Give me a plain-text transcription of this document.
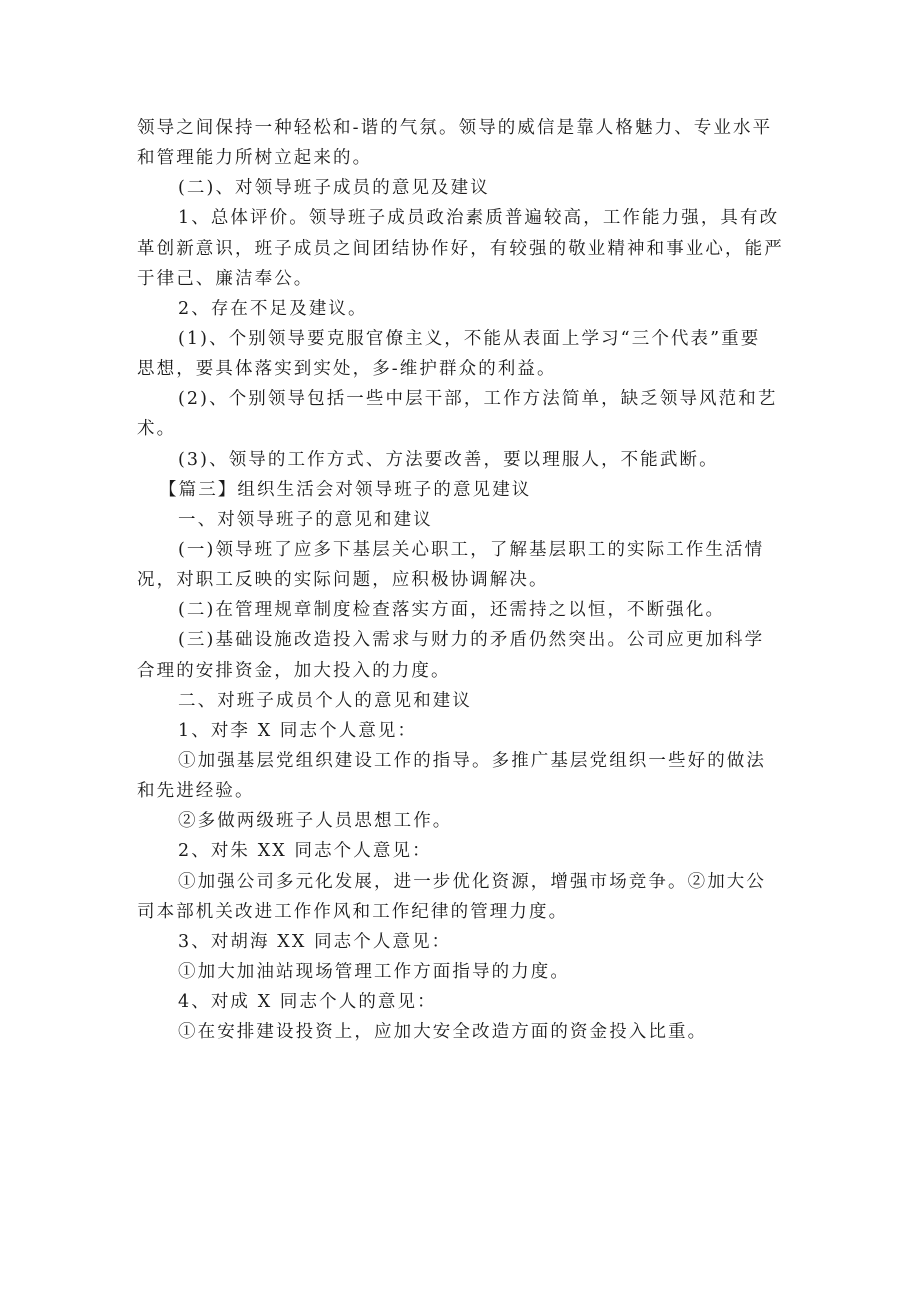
领导之间保持一种轻松和-谐的气氛。领导的威信是靠人格魅力、专业水平
和管理能力所树立起来的。
(二)、对领导班子成员的意见及建议
1、总体评价。领导班子成员政治素质普遍较高，工作能力强，具有改
革创新意识，班子成员之间团结协作好，有较强的敬业精神和事业心，能严
于律己、廉洁奉公。
2、存在不足及建议。
(1)、个别领导要克服官僚主义，不能从表面上学习“三个代表”重要
思想，要具体落实到实处，多-维护群众的利益。
(2)、个别领导包括一些中层干部，工作方法简单，缺乏领导风范和艺
术。
(3)、领导的工作方式、方法要改善，要以理服人，不能武断。
【篇三】组织生活会对领导班子的意见建议
一、对领导班子的意见和建议
(一)领导班了应多下基层关心职工，了解基层职工的实际工作生活情
况，对职工反映的实际问题，应积极协调解决。
(二)在管理规章制度检查落实方面，还需持之以恒，不断强化。
(三)基础设施改造投入需求与财力的矛盾仍然突出。公司应更加科学
合理的安排资金，加大投入的力度。
二、对班子成员个人的意见和建议
1、对李 X 同志个人意见：
①加强基层党组织建设工作的指导。多推广基层党组织一些好的做法
和先进经验。
②多做两级班子人员思想工作。
2、对朱 XX 同志个人意见：
①加强公司多元化发展，进一步优化资源，增强市场竞争。②加大公
司本部机关改进工作作风和工作纪律的管理力度。
3、对胡海 XX 同志个人意见：
①加大加油站现场管理工作方面指导的力度。
4、对成 X 同志个人的意见：
①在安排建设投资上，应加大安全改造方面的资金投入比重。
